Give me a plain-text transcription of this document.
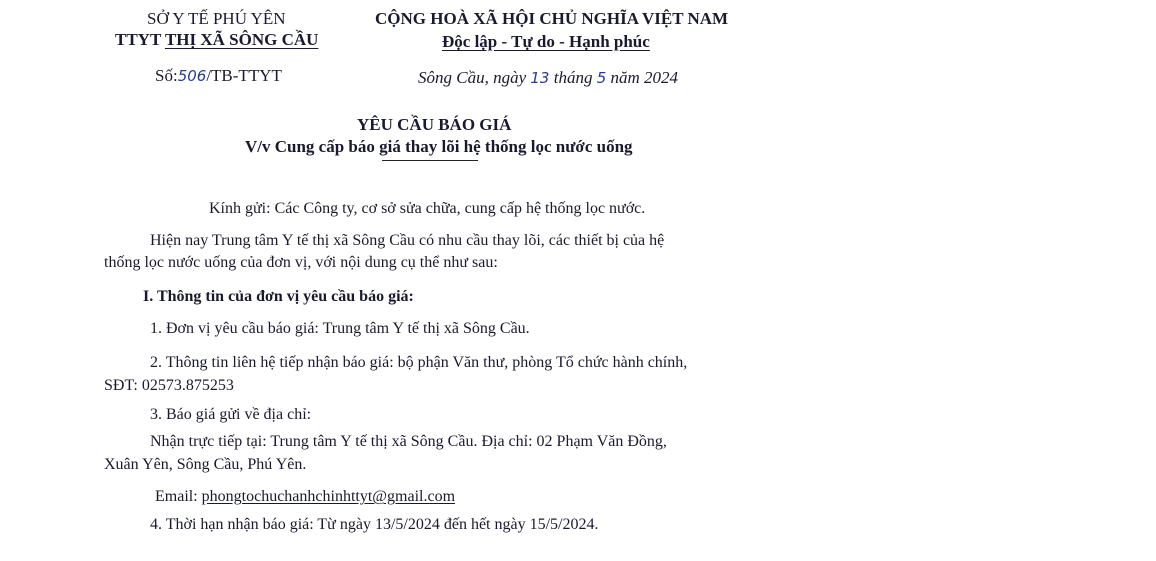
SỞ Y TẾ PHÚ YÊN
TTYT THỊ XÃ SÔNG CẦU
Số:506/TB-TTYT
CỘNG HOÀ XÃ HỘI CHỦ NGHĨA VIỆT NAM
Độc lập - Tự do - Hạnh phúc
Sông Cầu, ngày 13 tháng 5 năm 2024
YÊU CẦU BÁO GIÁ
V/v Cung cấp báo giá thay lõi hệ thống lọc nước uống
Kính gửi: Các Công ty, cơ sở sửa chữa, cung cấp hệ thống lọc nước.
Hiện nay Trung tâm Y tế thị xã Sông Cầu có nhu cầu thay lõi, các thiết bị của hệ
thống lọc nước uống của đơn vị, với nội dung cụ thể như sau:
I. Thông tin của đơn vị yêu cầu báo giá:
1. Đơn vị yêu cầu báo giá: Trung tâm Y tế thị xã Sông Cầu.
2. Thông tin liên hệ tiếp nhận báo giá: bộ phận Văn thư, phòng Tổ chức hành chính,
SĐT: 02573.875253
3. Báo giá gửi về địa chỉ:
Nhận trực tiếp tại: Trung tâm Y tế thị xã Sông Cầu. Địa chỉ: 02 Phạm Văn Đồng,
Xuân Yên, Sông Cầu, Phú Yên.
Email: phongtochuchanhchinhttyt@gmail.com
4. Thời hạn nhận báo giá: Từ ngày 13/5/2024 đến hết ngày 15/5/2024.
